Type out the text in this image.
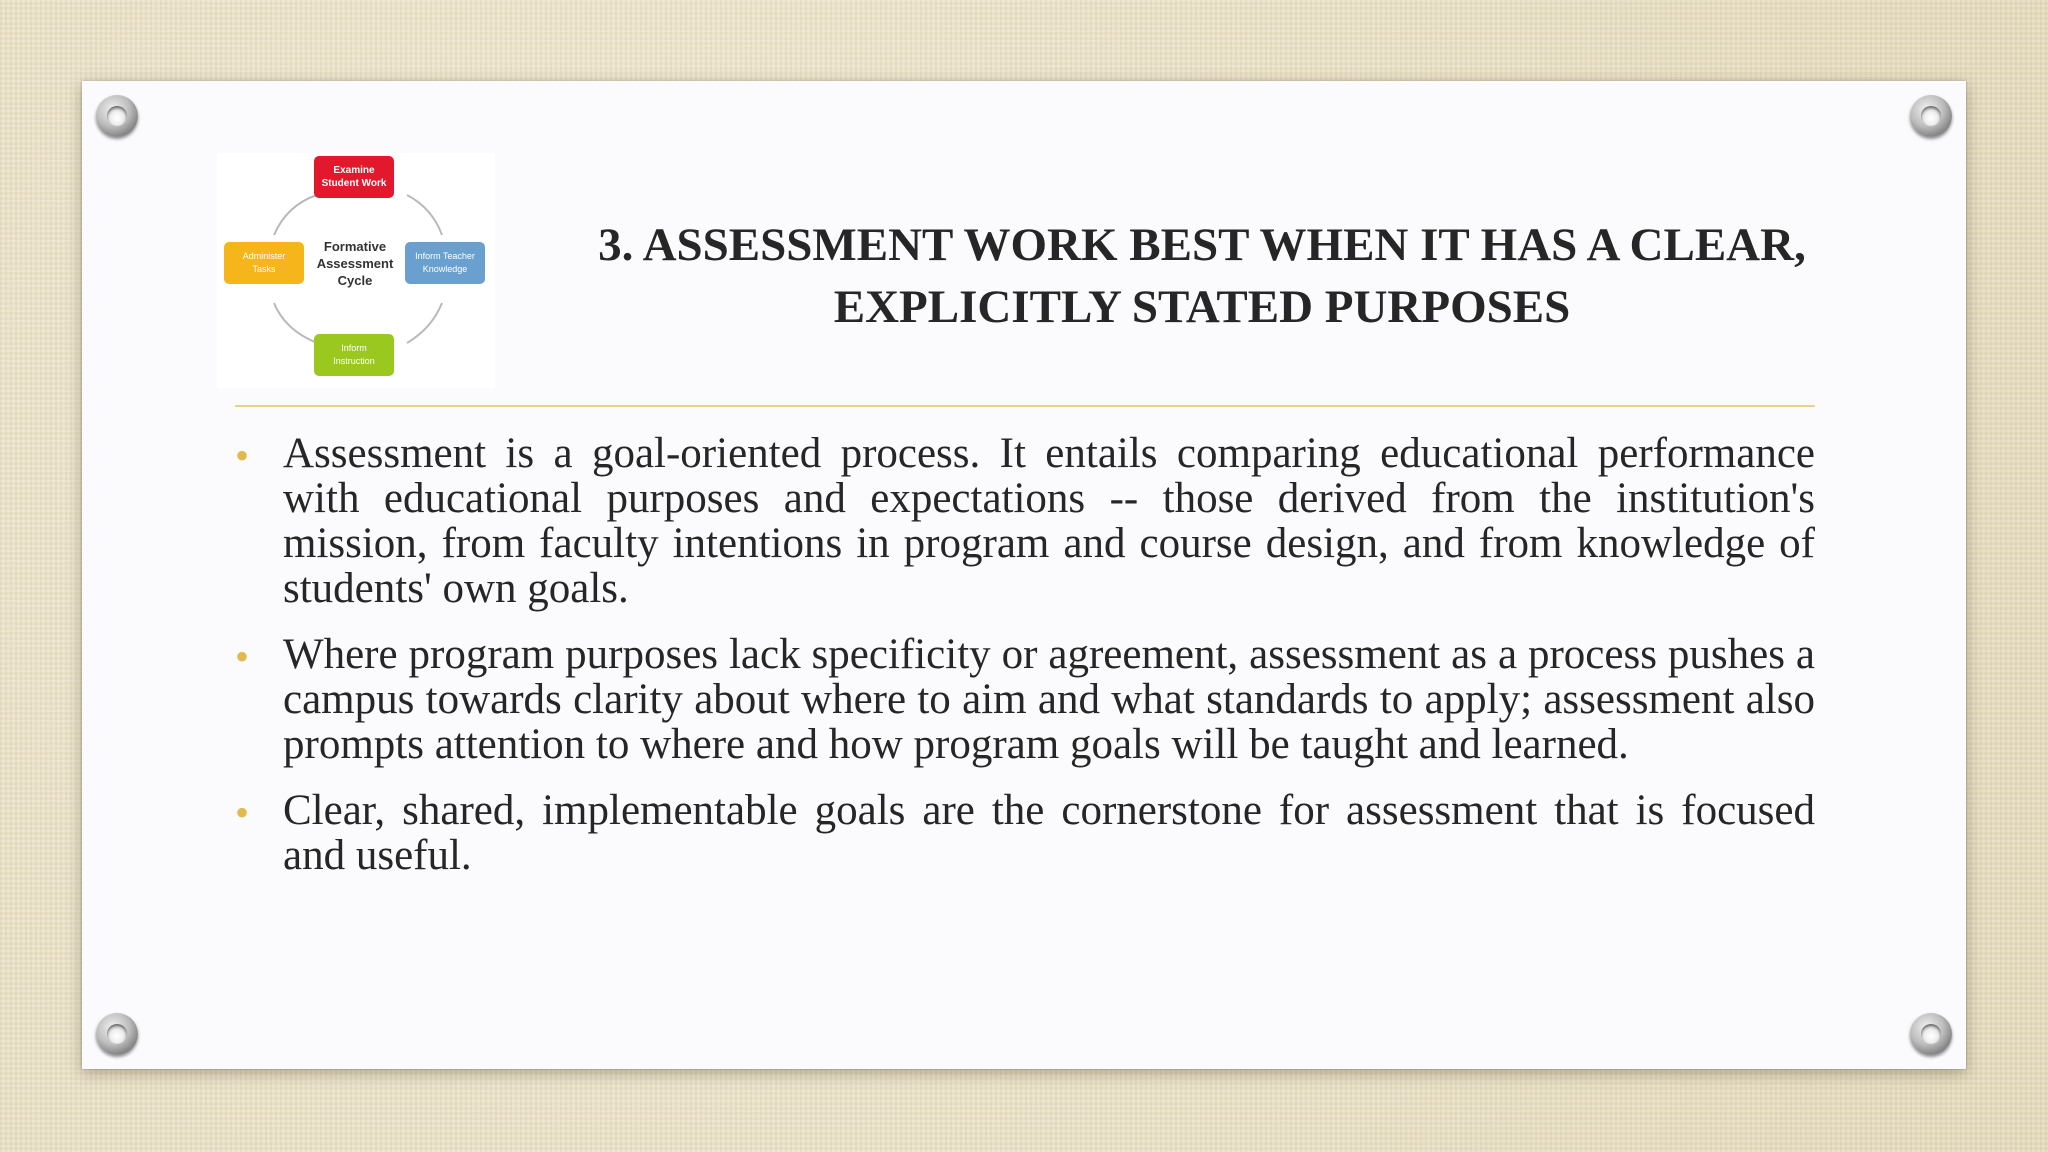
Examine
Student Work
Inform Teacher
Knowledge
Inform
Instruction
Administer
Tasks
Formative
Assessment
Cycle
3. ASSESSMENT WORK BEST WHEN IT HAS A CLEAR, EXPLICITLY STATED PURPOSES
• Assessment is a goal-oriented process. It entails comparing educational performance with educational purposes and expectations -- those derived from the institution's mission, from faculty intentions in program and course design, and from knowledge of students' own goals.
• Where program purposes lack specificity or agreement, assessment as a process pushes a campus towards clarity about where to aim and what standards to apply; assessment also prompts attention to where and how program goals will be taught and learned.
• Clear, shared, implementable goals are the cornerstone for assessment that is focused and useful.
